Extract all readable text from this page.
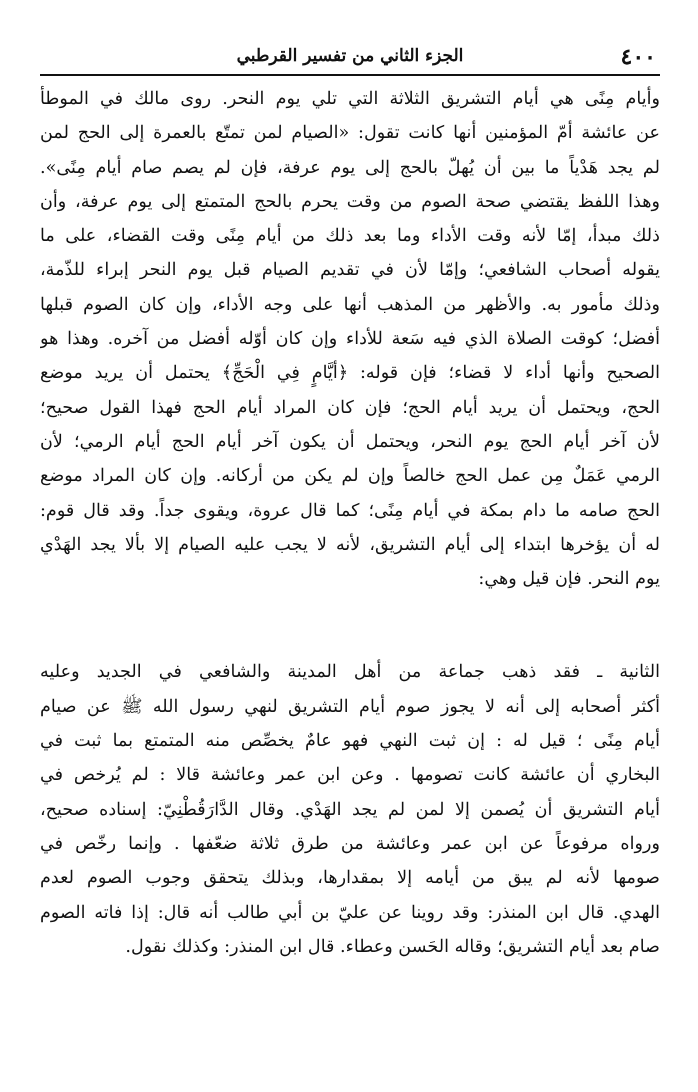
٤٠٠
الجزء الثاني من تفسير القرطبي
وأيام مِنًى هي أيام التشريق الثلاثة التي تلي يوم النحر. روى مالك في الموطأ
عن عائشة أمّ المؤمنين أنها كانت تقول: «الصيام لمن تمتّع بالعمرة إلى الحج لمن
لم يجد هَدْياً ما بين أن يُهلّ بالحج إلى يوم عرفة، فإن لم يصم صام أيام مِنًى».
وهذا اللفظ يقتضي صحة الصوم من وقت يحرم بالحج المتمتع إلى يوم عرفة، وأن
ذلك مبدأ، إمّا لأنه وقت الأداء وما بعد ذلك من أيام مِنًى وقت القضاء، على ما
يقوله أصحاب الشافعي؛ وإمّا لأن في تقديم الصيام قبل يوم النحر إبراء للذّمة،
وذلك مأمور به. والأظهر من المذهب أنها على وجه الأداء، وإن كان الصوم قبلها
أفضل؛ كوقت الصلاة الذي فيه سَعة للأداء وإن كان أوّله أفضل من آخره. وهذا هو
الصحيح وأنها أداء لا قضاء؛ فإن قوله: ﴿أيَّامٍ فِي الْحَجِّ﴾ يحتمل أن يريد موضع
الحج، ويحتمل أن يريد أيام الحج؛ فإن كان المراد أيام الحج فهذا القول صحيح؛
لأن آخر أيام الحج يوم النحر، ويحتمل أن يكون آخر أيام الحج أيام الرمي؛ لأن
الرمي عَمَلٌ مِن عمل الحج خالصاً وإن لم يكن من أركانه. وإن كان المراد موضع
الحج صامه ما دام بمكة في أيام مِنًى؛ كما قال عروة، ويقوى جداً. وقد قال قوم:
له أن يؤخرها ابتداء إلى أيام التشريق، لأنه لا يجب عليه الصيام إلا بألا يجد الهَدْي
يوم النحر. فإن قيل وهي:
الثانية ـ فقد ذهب جماعة من أهل المدينة والشافعي في الجديد وعليه
أكثر أصحابه إلى أنه لا يجوز صوم أيام التشريق لنهي رسول الله ﷺ عن صيام
أيام مِنًى ؛ قيل له : إن ثبت النهي فهو عامٌ يخصِّص منه المتمتع بما ثبت في
البخاري أن عائشة كانت تصومها . وعن ابن عمر وعائشة قالا : لم يُرخص في
أيام التشريق أن يُصمن إلا لمن لم يجد الهَدْي. وقال الدَّارَقُطْنِيّ: إسناده صحيح،
ورواه مرفوعاً عن ابن عمر وعائشة من طرق ثلاثة ضعّفها . وإنما رخّص في
صومها لأنه لم يبق من أيامه إلا بمقدارها، وبذلك يتحقق وجوب الصوم لعدم
الهدي. قال ابن المنذر: وقد روينا عن عليّ بن أبي طالب أنه قال: إذا فاته الصوم
صام بعد أيام التشريق؛ وقاله الحَسن وعطاء. قال ابن المنذر: وكذلك نقول.
